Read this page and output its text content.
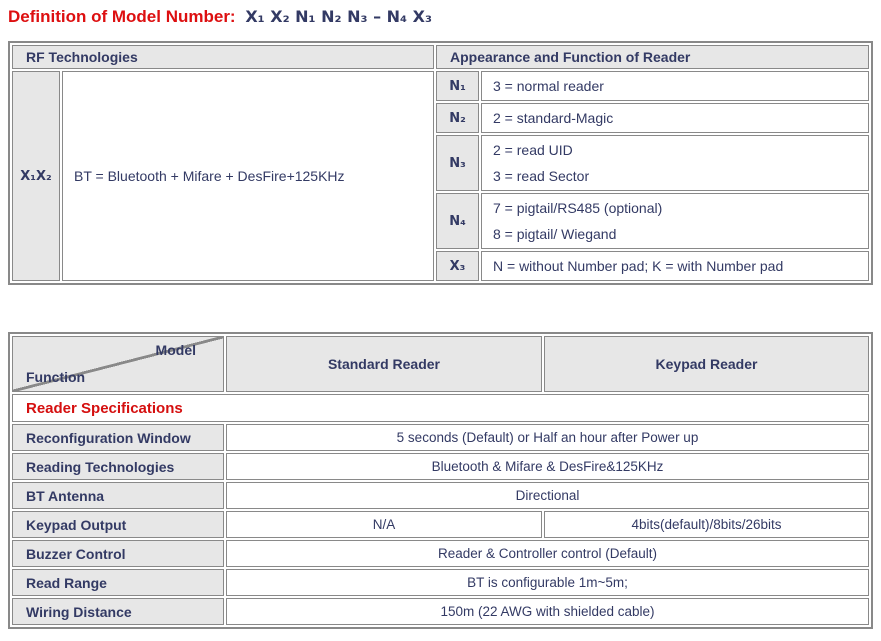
Definition of Model Number: X₁ X₂ N₁ N₂ N₃ – N₄ X₃
RF Technologies		Appearance and Function of Reader	
X₁X₂	BT = Bluetooth + Mifare + DesFire+125KHz	N₁	3 = normal reader

		N₂	2 = standard-Magic

		N₃	2 = read UID
3 = read Sector

		N₄	7 = pigtail/RS485 (optional)
8 = pigtail/ Wiegand

		X₃	N = without Number pad; K = with Number pad
Model
Function	Standard Reader	Keypad Reader
Reader Specifications		
Reconfiguration Window	5 seconds (Default) or Half an hour after Power up	
Reading Technologies	Bluetooth & Mifare & DesFire&125KHz	
BT Antenna	Directional	
Keypad Output	N/A	4bits(default)/8bits/26bits
Buzzer Control	Reader & Controller control (Default)	
Read Range	BT is configurable 1m~5m;	
Wiring Distance	150m (22 AWG with shielded cable)	
